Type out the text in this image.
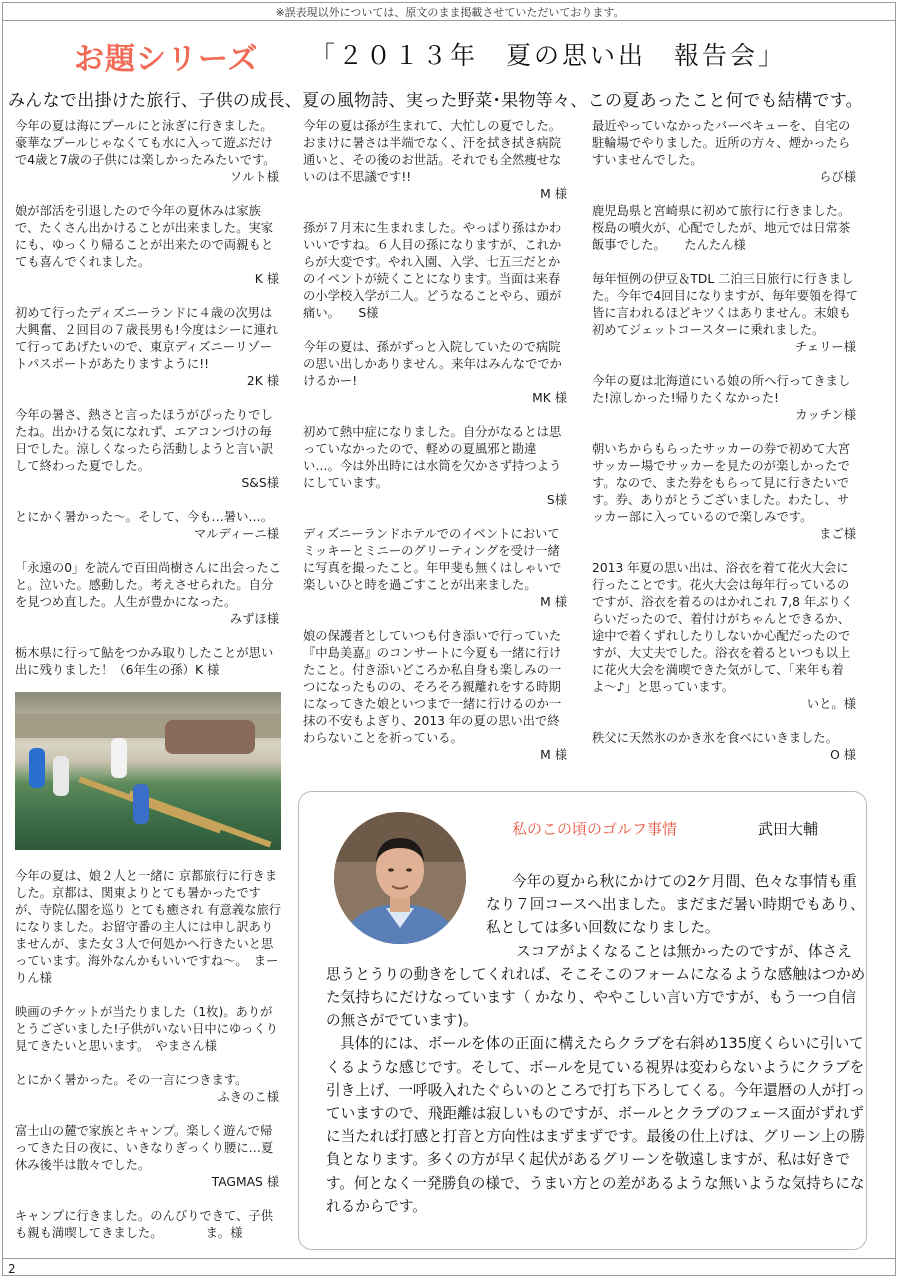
※誤表現以外については、原文のまま掲載させていただいております。
お題シリーズ 「２０１３年　夏の思い出　報告会」
みんなで出掛けた旅行、子供の成長、夏の風物詩、実った野菜･果物等々、この夏あったこと何でも結構です。

今年の夏は海にプールにと泳ぎに行きました。豪華なプールじゃなくても水に入って遊ぶだけで4歳と7歳の子供には楽しかったみたいです。

ソルト様

娘が部活を引退したので今年の夏休みは家族で、たくさん出かけることが出来ました。実家にも、ゆっくり帰ることが出来たので両親もとても喜んでくれました。

K 様

初めて行ったディズニーランドに４歳の次男は大興奮、２回目の７歳長男も!今度はシーに連れて行ってあげたいので、東京ディズニーリゾートパスポートがあたりますように!!

2K 様

今年の暑さ、熱さと言ったほうがぴったりでしたね。出かける気になれず、エアコンづけの毎日でした。涼しくなったら活動しようと言い訳して終わった夏でした。

S&S様

とにかく暑かった〜。そして、今も…暑い…。

マルディーニ様

「永遠の0」を読んで百田尚樹さんに出会ったこと。泣いた。感動した。考えさせられた。自分を見つめ直した。人生が豊かになった。

みずほ様

栃木県に行って鮎をつかみ取りしたことが思い出に残りました！（6年生の孫）K 様

今年の夏は、娘２人と一緒に 京都旅行に行きました。京都は、関東よりとても暑かったですが、寺院仏閣を巡り とても癒され 有意義な旅行になりました。お留守番の主人には申し訳ありませんが、また女３人で何処かへ行きたいと思っています。海外なんかもいいですね〜。　まーりん様

映画のチケットが当たりました（1枚)。ありがとうございました!子供がいない日中にゆっくり見てきたいと思います。　やまさん様

とにかく暑かった。その一言につきます。

ふきのこ様

富士山の麓で家族とキャンプ。楽しく遊んで帰ってきた日の夜に、いきなりぎっくり腰に…夏休み後半は散々でした。

TAGMAS 様

キャンプに行きました。のんびりできて、子供も親も満喫してきました。　　　　ま。様

今年の夏は孫が生まれて、大忙しの夏でした。おまけに暑さは半端でなく、汗を拭き拭き病院通いと、その後のお世話。それでも全然痩せないのは不思議です!!

M 様

孫が７月末に生まれました。やっぱり孫はかわいいですね。６人目の孫になりますが、これからが大変です。やれ入園、入学、七五三だとかのイベントが続くことになります。当面は来春の小学校入学が二人。どうなることやら、頭が痛い。　　S様

今年の夏は、孫がずっと入院していたので病院の思い出しかありません。来年はみんなででかけるかー!

MK 様

初めて熱中症になりました。自分がなるとは思っていなかったので、軽めの夏風邪と勘違い…。今は外出時には水筒を欠かさず持つようにしています。

S様

ディズニーランドホテルでのイベントにおいてミッキーとミニーのグリーティングを受け一緒に写真を撮ったこと。年甲斐も無くはしゃいで楽しいひと時を過ごすことが出来ました。

M 様

娘の保護者としていつも付き添いで行っていた『中島美嘉』のコンサートに今夏も一緒に行けたこと。付き添いどころか私自身も楽しみの一つになったものの、そろそろ親離れをする時期になってきた娘といつまで一緒に行けるのか一抹の不安もよぎり、2013 年の夏の思い出で終わらないことを祈っている。

M 様

最近やっていなかったバーベキューを、自宅の駐輪場でやりました。近所の方々、煙かったらすいませんでした。

らび様

鹿児島県と宮崎県に初めて旅行に行きました。桜島の噴火が、心配でしたが、地元では日常茶飯事でした。　　たんたん様

毎年恒例の伊豆＆TDL 二泊三日旅行に行きました。今年で4回目になりますが、毎年要領を得て皆に言われるほどキツくはありません。末娘も初めてジェットコースターに乗れました。

チェリー様

今年の夏は北海道にいる娘の所へ行ってきました!涼しかった!帰りたくなかった!

カッチン様

朝いちからもらったサッカーの券で初めて大宮サッカー場でサッカーを見たのが楽しかったです。なので、また券をもらって見に行きたいです。券、ありがとうございました。わたし、サッカー部に入っているので楽しみです。

まご様

2013 年夏の思い出は、浴衣を着て花火大会に行ったことです。花火大会は毎年行っているのですが、浴衣を着るのはかれこれ 7,8 年ぶりくらいだったので、着付けがちゃんとできるか、途中で着くずれしたりしないか心配だったのですが、大丈夫でした。浴衣を着るといつも以上に花火大会を満喫できた気がして、「来年も着よ〜♪」と思っています。

いと。様

秩父に天然氷のかき氷を食べにいきました。

O 様
私のこの頃のゴルフ事情	武田大輔

今年の夏から秋にかけての2ケ月間、色々な事情も重なり７回コースへ出ました。まだまだ暑い時期でもあり、私としては多い回数になりました。

スコアがよくなることは無かったのですが、体さえ思うとうりの動きをしてくれれば、そこそこのフォームになるような感触はつかめた気持ちにだけなっています（ かなり、ややこしい言い方ですが、もう一つ自信の無さがでています)。

具体的には、ボールを体の正面に構えたらクラブを右斜め135度くらいに引いてくるような感じです。そして、ボールを見ている視界は変わらないようにクラブを引き上げ、一呼吸入れたぐらいのところで打ち下ろしてくる。今年還暦の人が打っていますので、飛距離は寂しいものですが、ボールとクラブのフェース面がずれずに当たれば打感と打音と方向性はまずまずです。最後の仕上げは、グリーン上の勝負となります。多くの方が早く起伏があるグリーンを敬遠しますが、私は好きです。何となく一発勝負の様で、うまい方との差があるような無いような気持ちになれるからです。

2
